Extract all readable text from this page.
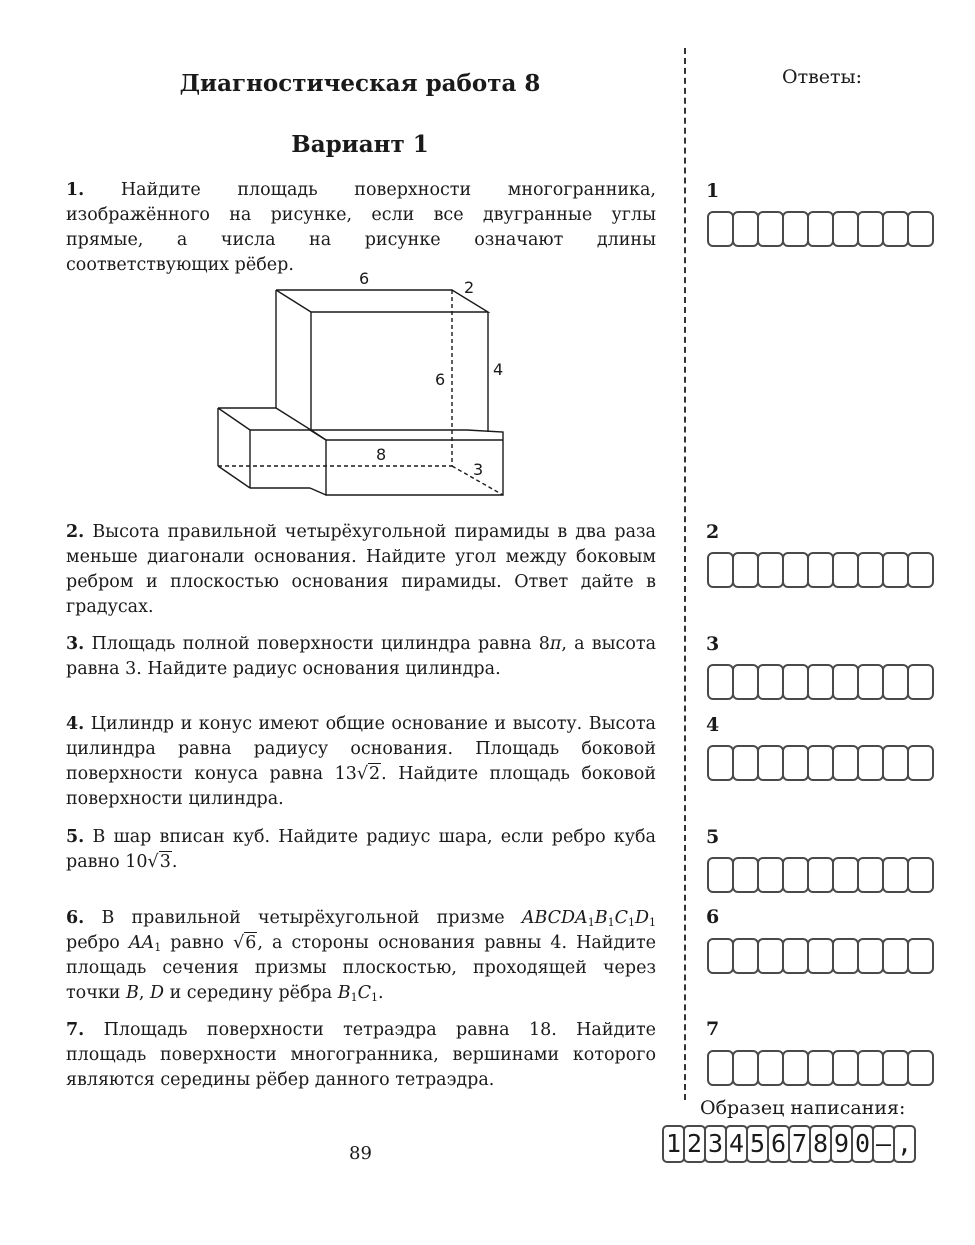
Диагностическая работа 8
Вариант 1
1. Найдите площадь поверхности многогранника, изображённого на рисунке, если все двугранные углы прямые, а числа на рисунке означают длины соответствующих рёбер.
6	2
4
6
8
3
2. Высота правильной четырёхугольной пирамиды в два раза меньше диагонали основания. Найдите угол между боковым ребром и плоскостью основания пирамиды. Ответ дайте в градусах.
3. Площадь полной поверхности цилиндра равна 8π, а высота равна 3. Найдите радиус основания цилиндра.
4. Цилиндр и конус имеют общие основание и высоту. Высота цилиндра равна радиусу основания. Площадь боковой поверхности конуса равна 13√2. Найдите площадь боковой поверхности цилиндра.
5. В шар вписан куб. Найдите радиус шара, если ребро куба равно 10√3.
6. В правильной четырёхугольной призме $ABCDA_1B_1C_1D_1$ ребро $AA_1$ равно √6, а стороны основания равны 4. Найдите площадь сечения призмы плоскостью, проходящей через точки B, D и середину рёбра $B_1C_1$.
7. Площадь поверхности тетраэдра равна 18. Найдите площадь поверхности многогранника, вершинами которого являются середины рёбер данного тетраэдра.
Ответы:
1
2
3
4
5
6
7
Образец написания:
1 2 3 4 5 6 7 8 9 0 – ,
89
